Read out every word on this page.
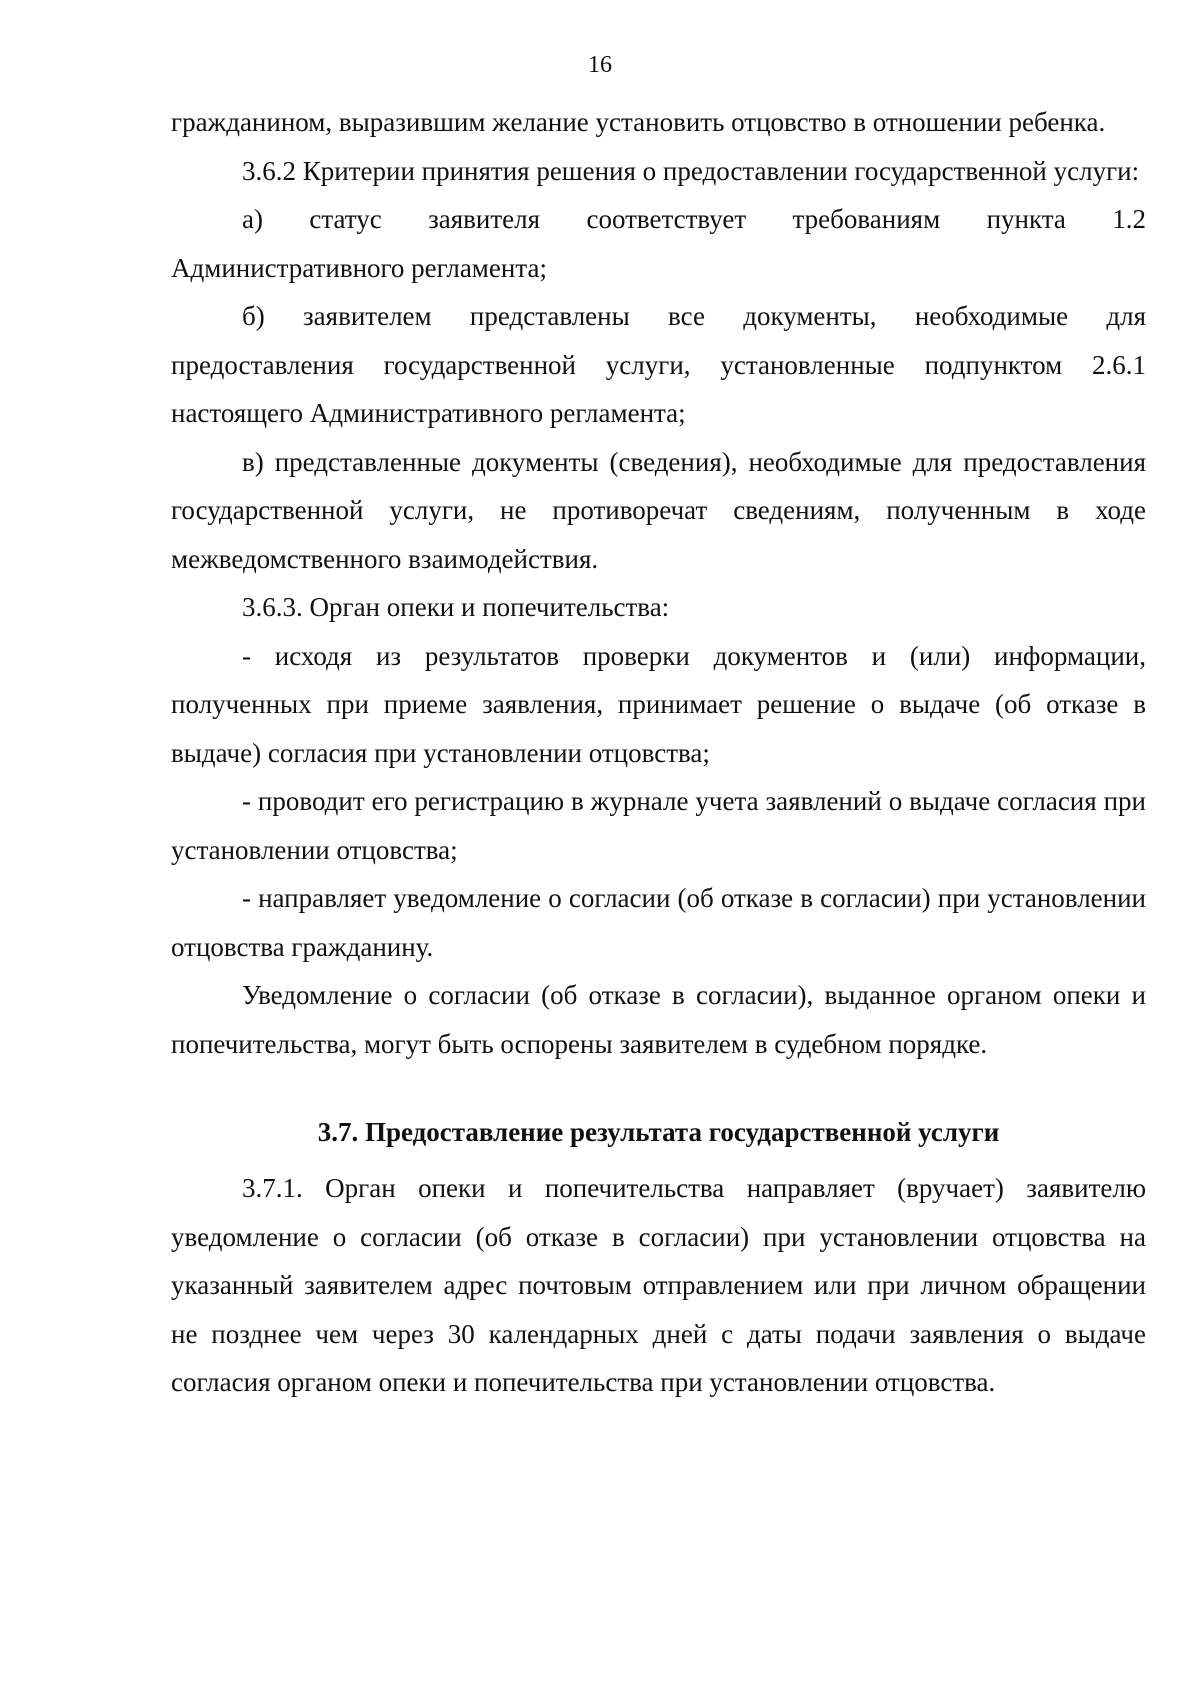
16

гражданином, выразившим желание установить отцовство в отношении ребенка.

3.6.2 Критерии принятия решения о предоставлении государственной услуги:

а) статус заявителя соответствует требованиям пункта 1.2 Административного регламента;

б) заявителем представлены все документы, необходимые для предоставления государственной услуги, установленные подпунктом 2.6.1 настоящего Административного регламента;

в) представленные документы (сведения), необходимые для предоставления государственной услуги, не противоречат сведениям, полученным в ходе межведомственного взаимодействия.

3.6.3. Орган опеки и попечительства:

- исходя из результатов проверки документов и (или) информации, полученных при приеме заявления, принимает решение о выдаче (об отказе в выдаче) согласия при установлении отцовства;

- проводит его регистрацию в журнале учета заявлений о выдаче согласия при установлении отцовства;

- направляет уведомление о согласии (об отказе в согласии) при установлении отцовства гражданину.

Уведомление о согласии (об отказе в согласии), выданное органом опеки и попечительства, могут быть оспорены заявителем в судебном порядке.

3.7. Предоставление результата государственной услуги

3.7.1. Орган опеки и попечительства направляет (вручает) заявителю уведомление о согласии (об отказе в согласии) при установлении отцовства на указанный заявителем адрес почтовым отправлением или при личном обращении не позднее чем через 30 календарных дней с даты подачи заявления о выдаче согласия органом опеки и попечительства при установлении отцовства.
